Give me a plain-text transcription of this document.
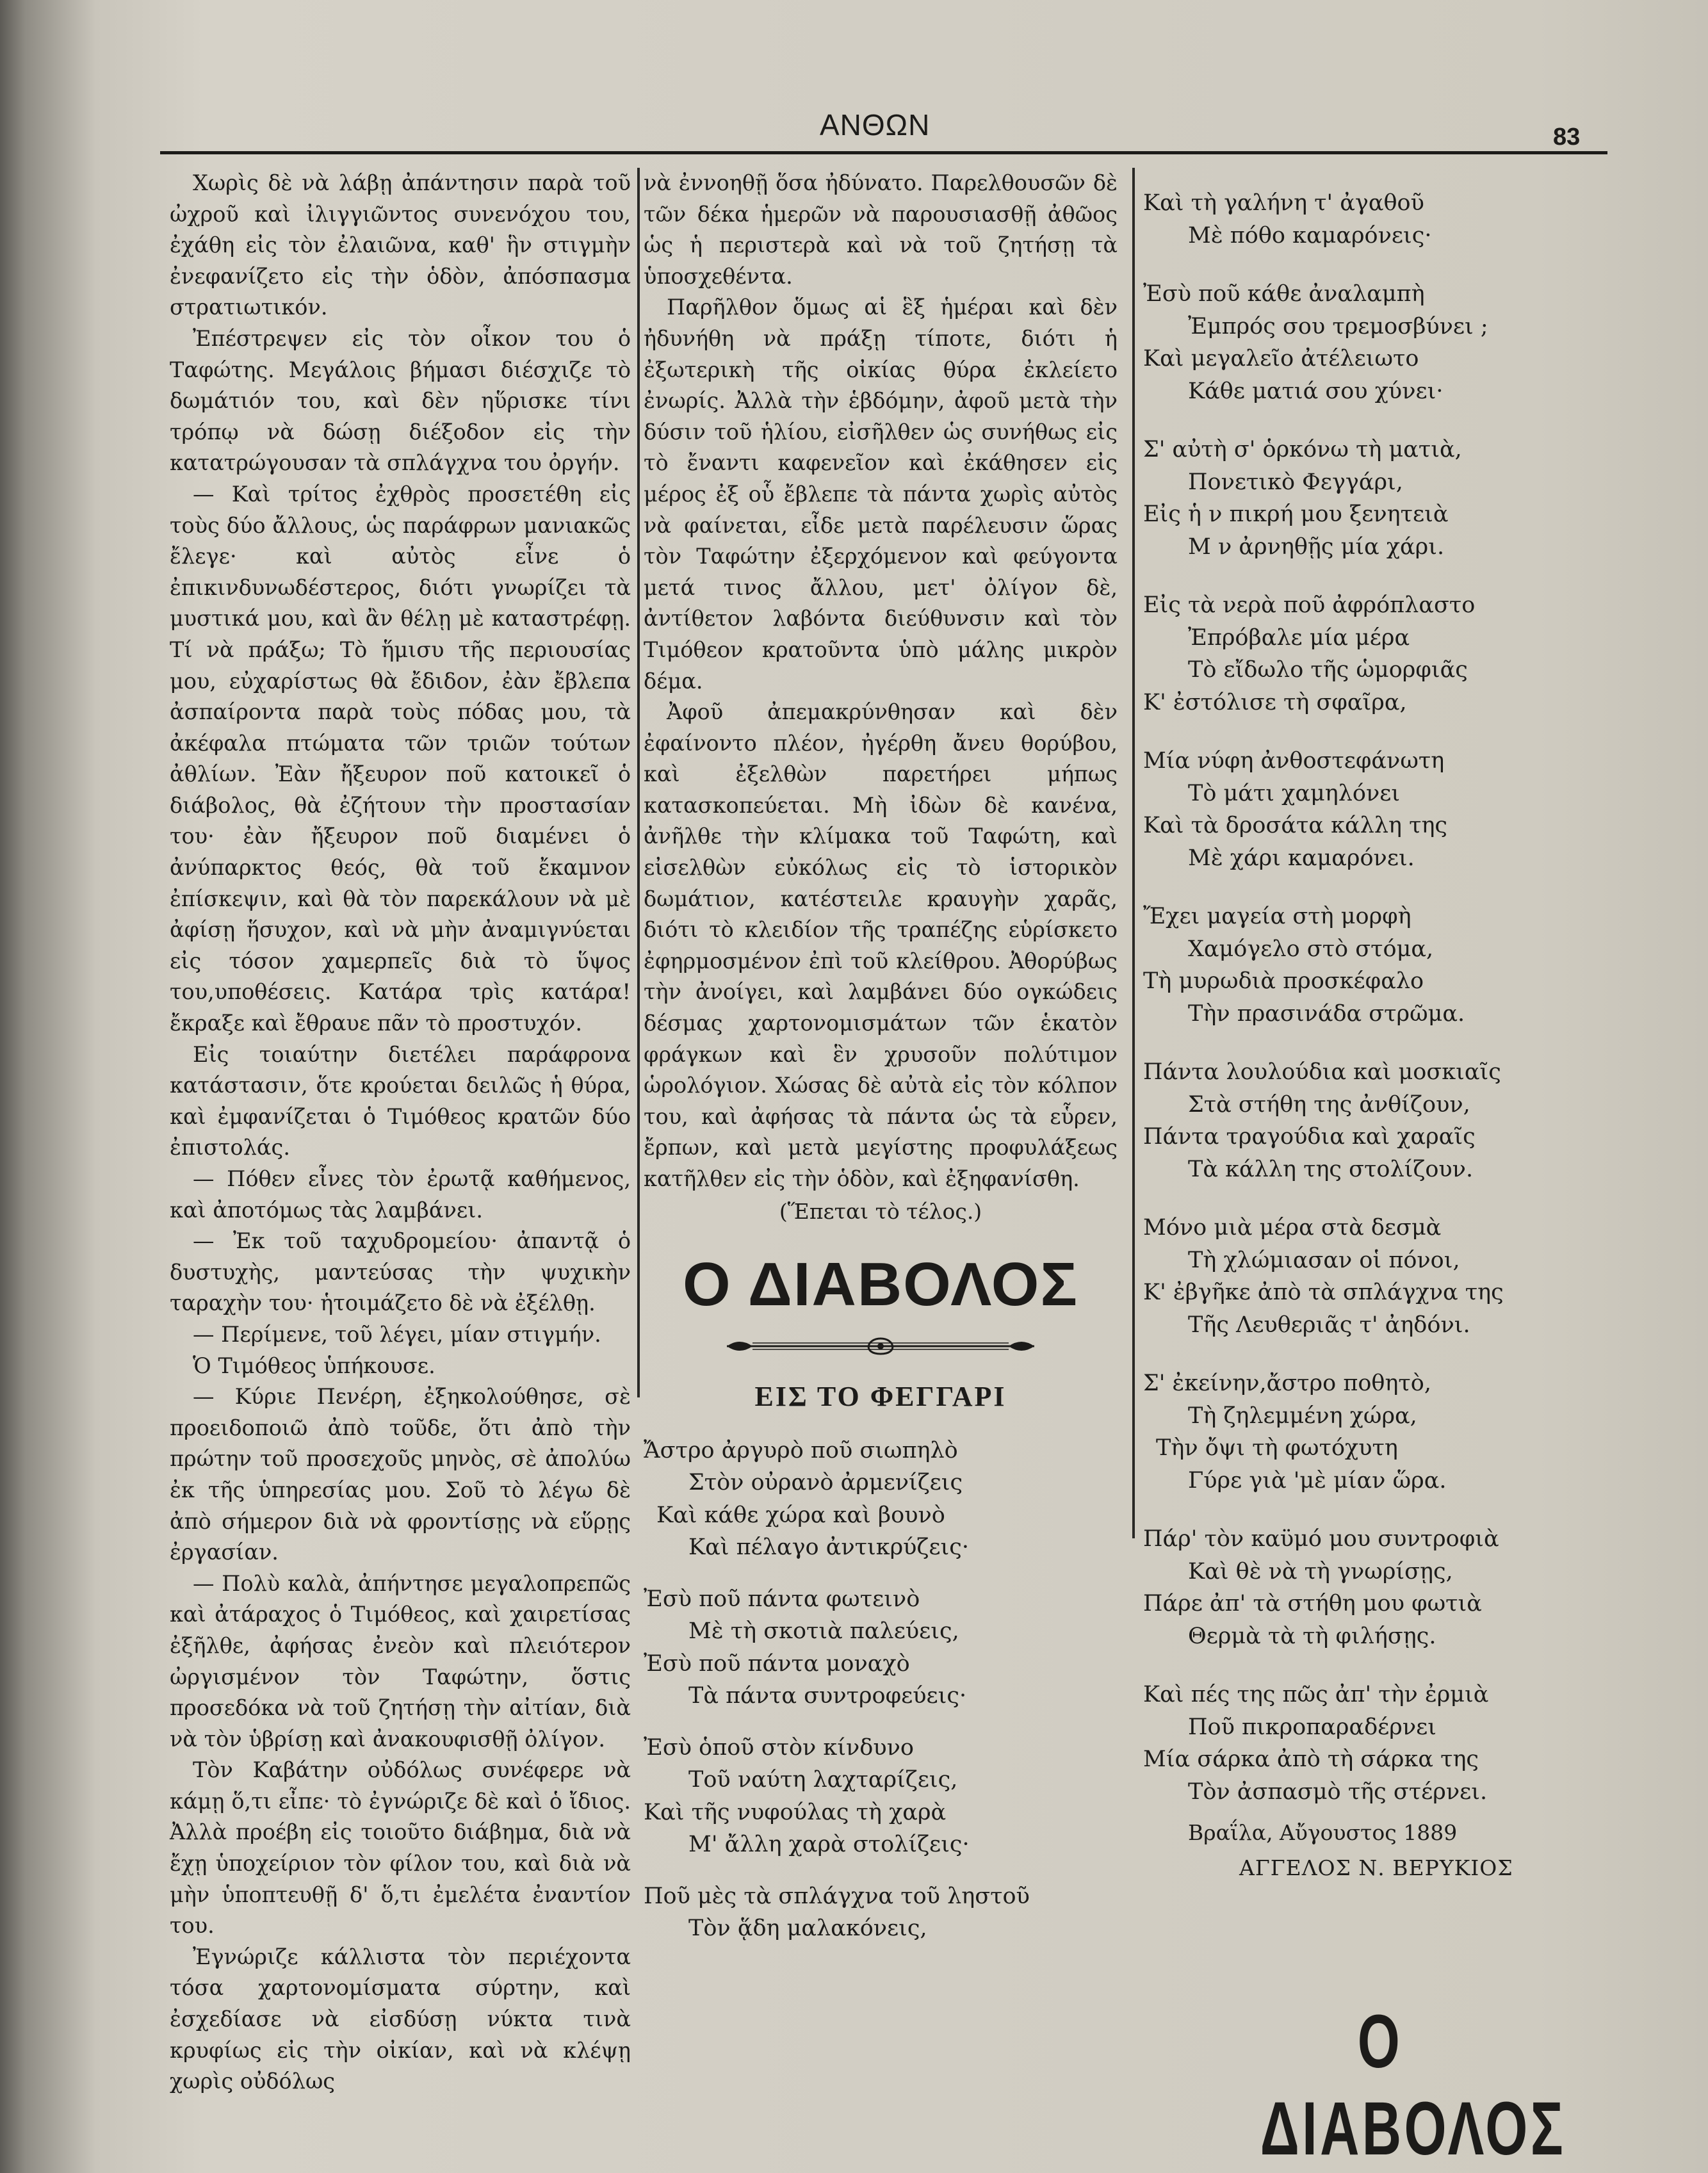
ΑΝΘΩΝ	83

Χωρὶς δὲ νὰ λάβῃ ἀπάντησιν παρὰ τοῦ ὠχροῦ καὶ ἰλιγγιῶντος συνενόχου του, ἐχάθη εἰς τὸν ἐλαιῶνα, καθ' ἣν στιγμὴν ἐνεφανίζετο εἰς τὴν ὁδὸν, ἀπόσπασμα στρατιωτικόν.

Ἐπέστρεψεν εἰς τὸν οἶκον του ὁ Ταφώτης. Μεγάλοις βήμασι διέσχιζε τὸ δωμάτιόν του, καὶ δὲν ηὕρισκε τίνι τρόπῳ νὰ δώσῃ διέξοδον εἰς τὴν κατατρώγουσαν τὰ σπλάγχνα του ὀργήν.

— Καὶ τρίτος ἐχθρὸς προσετέθη εἰς τοὺς δύο ἄλλους, ὡς παράφρων μανιακῶς ἔλεγε· καὶ αὐτὸς εἶνε ὁ ἐπικινδυνωδέστερος, διότι γνωρίζει τὰ μυστικά μου, καὶ ἂν θέλῃ μὲ καταστρέφῃ. Τί νὰ πράξω; Τὸ ἥμισυ τῆς περιουσίας μου, εὐχαρίστως θὰ ἔδιδον, ἐὰν ἔβλεπα ἀσπαίροντα παρὰ τοὺς πόδας μου, τὰ ἀκέφαλα πτώματα τῶν τριῶν τούτων ἀθλίων. Ἐὰν ἤξευρον ποῦ κατοικεῖ ὁ διάβολος, θὰ ἐζήτουν τὴν προστασίαν του· ἐὰν ἤξευρον ποῦ διαμένει ὁ ἀνύπαρκτος θεός, θὰ τοῦ ἔκαμνον ἐπίσκεψιν, καὶ θὰ τὸν παρεκάλουν νὰ μὲ ἀφίσῃ ἥσυχον, καὶ νὰ μὴν ἀναμιγνύεται εἰς τόσον χαμερπεῖς διὰ τὸ ὕψος του,υποθέσεις. Κατάρα τρὶς κατάρα!ἔκραξε καὶ ἔθραυε πᾶν τὸ προστυχόν.

Εἰς τοιαύτην διετέλει παράφρονα κατάστασιν, ὅτε κρούεται δειλῶς ἡ θύρα, καὶ ἐμφανίζεται ὁ Τιμόθεος κρατῶν δύο ἐπιστολάς.

— Πόθεν εἶνες τὸν ἐρωτᾷ καθήμενος, καὶ ἀποτόμως τὰς λαμβάνει.

— Ἐκ τοῦ ταχυδρομείου· ἀπαντᾷ ὁ δυστυχὴς, μαντεύσας τὴν ψυχικὴν ταραχὴν του· ἡτοιμάζετο δὲ νὰ ἐξέλθῃ.

— Περίμενε, τοῦ λέγει, μίαν στιγμήν.

Ὁ Τιμόθεος ὑπήκουσε.

— Κύριε Πενέρη, ἐξηκολούθησε, σὲ προειδοποιῶ ἀπὸ τοῦδε, ὅτι ἀπὸ τὴν πρώτην τοῦ προσεχοῦς μηνὸς, σὲ ἀπολύω ἐκ τῆς ὑπηρεσίας μου. Σοῦ τὸ λέγω δὲ ἀπὸ σήμερον διὰ νὰ φροντίσῃς νὰ εὕρῃς ἐργασίαν.

— Πολὺ καλὰ, ἀπήντησε μεγαλοπρεπῶς καὶ ἀτάραχος ὁ Τιμόθεος, καὶ χαιρετίσας ἐξῆλθε, ἀφήσας ἐνεὸν καὶ πλειότερον ὠργισμένον τὸν Ταφώτην, ὅστις προσεδόκα νὰ τοῦ ζητήσῃ τὴν αἰτίαν, διὰ νὰ τὸν ὑβρίσῃ καὶ ἀνακουφισθῇ ὀλίγον.

Τὸν Καβάτην οὐδόλως συνέφερε νὰ κάμῃ ὅ,τι εἶπε· τὸ ἐγνώριζε δὲ καὶ ὁ ἴδιος. Ἀλλὰ προέβη εἰς τοιοῦτο διάβημα, διὰ νὰ ἔχῃ ὑποχείριον τὸν φίλον του, καὶ διὰ νὰ μὴν ὑποπτευθῇ δ' ὅ,τι ἐμελέτα ἐναντίον του.

Ἐγνώριζε κάλλιστα τὸν περιέχοντα τόσα χαρτονομίσματα σύρτην, καὶ ἐσχεδίασε νὰ εἰσδύσῃ νύκτα τινὰ κρυφίως εἰς τὴν οἰκίαν, καὶ νὰ κλέψῃ χωρὶς οὐδόλως

νὰ ἐννοηθῇ ὅσα ἠδύνατο. Παρελθουσῶν δὲ τῶν δέκα ἡμερῶν νὰ παρουσιασθῇ ἀθῶος ὡς ἡ περιστερὰ καὶ νὰ τοῦ ζητήσῃ τὰ ὑποσχεθέντα.

Παρῆλθον ὅμως αἱ ἓξ ἡμέραι καὶ δὲν ἠδυνήθη νὰ πράξῃ τίποτε, διότι ἡ ἐξωτερικὴ τῆς οἰκίας θύρα ἐκλείετο ἐνωρίς. Ἀλλὰ τὴν ἑβδόμην, ἀφοῦ μετὰ τὴν δύσιν τοῦ ἡλίου, εἰσῆλθεν ὡς συνήθως εἰς τὸ ἔναντι καφενεῖον καὶ ἐκάθησεν εἰς μέρος ἐξ οὗ ἔβλεπε τὰ πάντα χωρὶς αὐτὸς νὰ φαίνεται, εἶδε μετὰ παρέλευσιν ὥρας τὸν Ταφώτην ἐξερχόμενον καὶ φεύγοντα μετά τινος ἄλλου, μετ' ὀλίγον δὲ, ἀντίθετον λαβόντα διεύθυνσιν καὶ τὸν Τιμόθεον κρατοῦντα ὑπὸ μάλης μικρὸν δέμα.

Ἀφοῦ ἀπεμακρύνθησαν καὶ δὲν ἐφαίνοντο πλέον, ἠγέρθη ἄνευ θορύβου, καὶ ἐξελθὼν παρετήρει μήπως κατασκοπεύεται. Μὴ ἰδὼν δὲ κανένα, ἀνῆλθε τὴν κλίμακα τοῦ Ταφώτη, καὶ εἰσελθὼν εὐκόλως εἰς τὸ ἱστορικὸν δωμάτιον, κατέστειλε κραυγὴν χαρᾶς, διότι τὸ κλειδίον τῆς τραπέζης εὑρίσκετο ἐφηρμοσμένον ἐπὶ τοῦ κλείθρου. Ἀθορύβως τὴν ἀνοίγει, καὶ λαμβάνει δύο ογκώδεις δέσμας χαρτονομισμάτων τῶν ἑκατὸν φράγκων καὶ ἓν χρυσοῦν πολύτιμον ὡρολόγιον. Χώσας δὲ αὐτὰ εἰς τὸν κόλπον του, καὶ ἀφήσας τὰ πάντα ὡς τὰ εὗρεν, ἔρπων, καὶ μετὰ μεγίστης προφυλάξεως κατῆλθεν εἰς τὴν ὁδὸν, καὶ ἐξηφανίσθη.

(Ἕπεται τὸ τέλος.)
Ο ΔΙΑΒΟΛΟΣ
ΕΙΣ ΤΟ ΦΕΓΓΑΡΙ
Ἄστρο ἀργυρὸ ποῦ σιωπηλὸ
Στὸν οὐρανὸ ἀρμενίζεις
Καὶ κάθε χώρα καὶ βουνὸ
Καὶ πέλαγο ἀντικρύζεις·
Ἐσὺ ποῦ πάντα φωτεινὸ
Μὲ τὴ σκοτιὰ παλεύεις,
Ἐσὺ ποῦ πάντα μοναχὸ
Τὰ πάντα συντροφεύεις·
Ἐσὺ ὁποῦ στὸν κίνδυνο
Τοῦ ναύτη λαχταρίζεις,
Καὶ τῆς νυφούλας τὴ χαρὰ
Μ' ἄλλη χαρὰ στολίζεις·
Ποῦ μὲς τὰ σπλάγχνα τοῦ ληστοῦ
Τὸν ᾅδη μαλακόνεις,
Καὶ τὴ γαλήνη τ' ἀγαθοῦ
Μὲ πόθο καμαρόνεις·
Ἐσὺ ποῦ κάθε ἀναλαμπὴ
Ἐμπρός σου τρεμοσβύνει ;
Καὶ μεγαλεῖο ἀτέλειωτο
Κάθε ματιά σου χύνει·
Σ' αὐτὴ σ' ὁρκόνω τὴ ματιὰ,
Πονετικὸ Φεγγάρι,
Εἰς ἡ ν πικρή μου ξενητειὰ
Μ ν ἀρνηθῇς μία χάρι.
Εἰς τὰ νερὰ ποῦ ἀφρόπλαστο
Ἐπρόβαλε μία μέρα
Τὸ εἴδωλο τῆς ὡμορφιᾶς
Κ' ἐστόλισε τὴ σφαῖρα,
Μία νύφη ἀνθοστεφάνωτη
Τὸ μάτι χαμηλόνει
Καὶ τὰ δροσάτα κάλλη της
Μὲ χάρι καμαρόνει.
Ἔχει μαγεία στὴ μορφὴ
Χαμόγελο στὸ στόμα,
Τὴ μυρωδιὰ προσκέφαλο
Τὴν πρασινάδα στρῶμα.
Πάντα λουλούδια καὶ μοσκιαῖς
Στὰ στήθη της ἀνθίζουν,
Πάντα τραγούδια καὶ χαραῖς
Τὰ κάλλη της στολίζουν.
Μόνο μιὰ μέρα στὰ δεσμὰ
Τὴ χλώμιασαν οἱ πόνοι,
Κ' ἐβγῆκε ἀπὸ τὰ σπλάγχνα της
Τῆς Λευθεριᾶς τ' ἀηδόνι.
Σ' ἐκείνην,ἄστρο ποθητὸ,
Τὴ ζηλεμμένη χώρα,
Τὴν ὄψι τὴ φωτόχυτη
Γύρε γιὰ 'μὲ μίαν ὥρα.
Πάρ' τὸν καϋμό μου συντροφιὰ
Καὶ θὲ νὰ τὴ γνωρίσῃς,
Πάρε ἀπ' τὰ στήθη μου φωτιὰ
Θερμὰ τὰ τὴ φιλήσῃς.
Καὶ πές της πῶς ἀπ' τὴν ἐρμιὰ
Ποῦ πικροπαραδέρνει
Μία σάρκα ἀπὸ τὴ σάρκα της
Τὸν ἀσπασμὸ τῆς στέρνει.
Βραΐλα, Αὔγουστος 1889
ΑΓΓΕΛΟΣ Ν. ΒΕΡΥΚΙΟΣ
Ο ΔΙΑΒΟΛΟΣ
